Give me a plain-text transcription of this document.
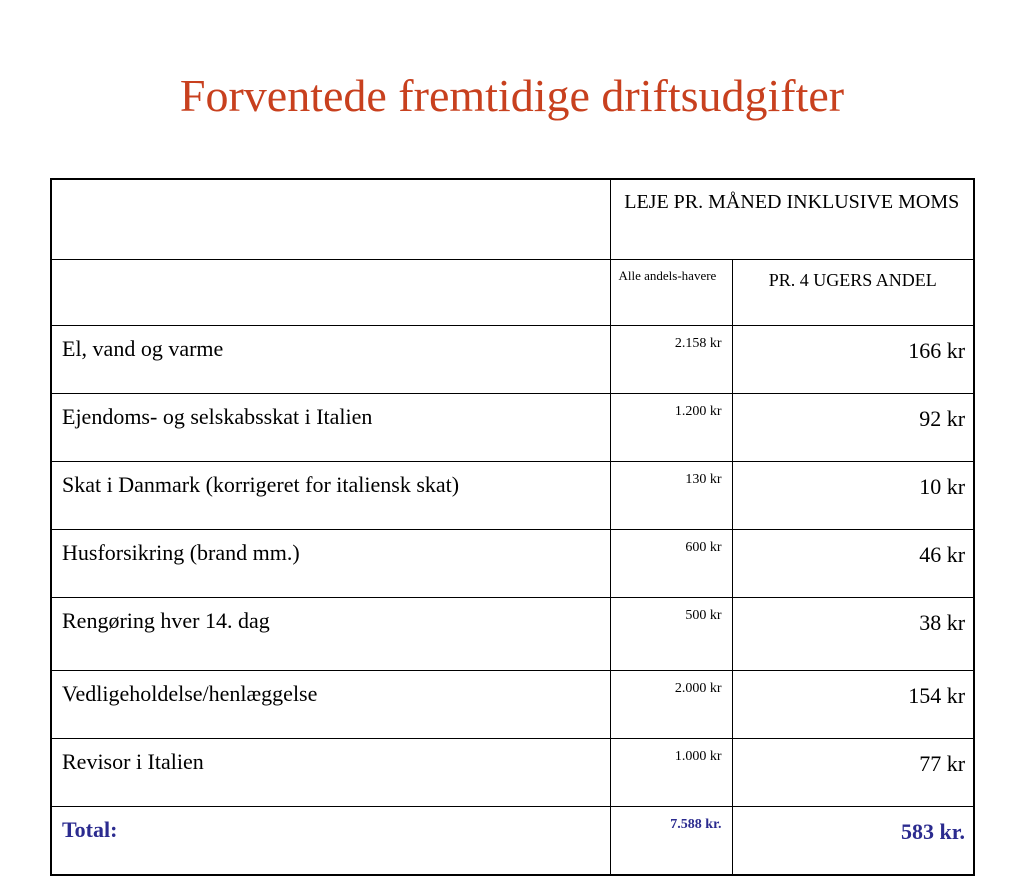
Forventede fremtidige driftsudgifter
	LEJE PR. MÅNED INKLUSIVE MOMS	
	Alle andels-havere	PR. 4 UGERS ANDEL
El, vand og varme	2.158 kr	166 kr
Ejendoms- og selskabsskat i Italien	1.200 kr	92 kr
Skat i Danmark (korrigeret for italiensk skat)	130 kr	10 kr
Husforsikring (brand mm.)	600 kr	46 kr
Rengøring hver 14. dag	500 kr	38 kr
Vedligeholdelse/henlæggelse	2.000 kr	154 kr
Revisor i Italien	1.000 kr	77 kr
Total:	7.588 kr.	583 kr.
